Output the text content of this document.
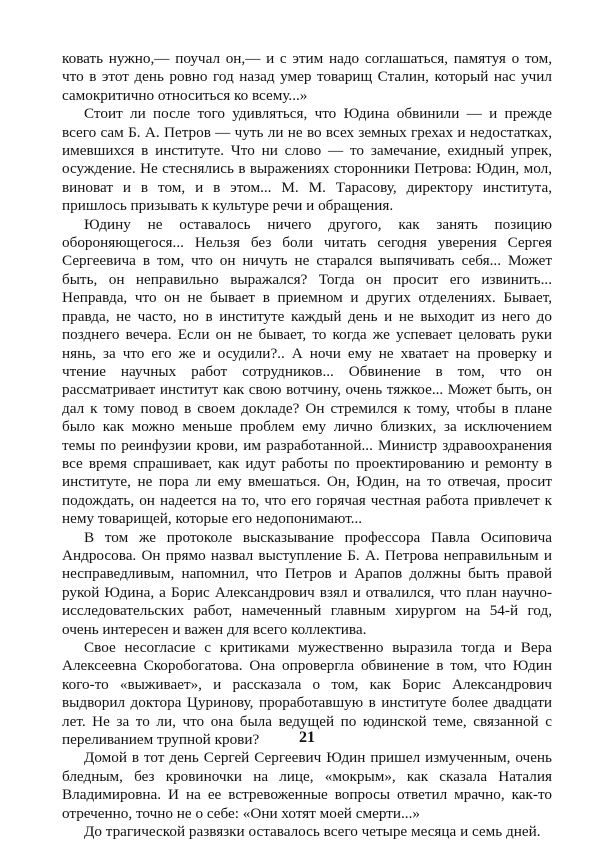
ковать нужно,— поучал он,— и с этим надо соглашаться, памятуя о том, что в этот день ровно год назад умер товарищ Сталин, который нас учил самокритично относиться ко всему...»

Стоит ли после того удивляться, что Юдина обвинили — и прежде всего сам Б. А. Петров — чуть ли не во всех земных грехах и недостатках, имевшихся в институте. Что ни слово — то замечание, ехидный упрек, осуждение. Не стеснялись в выражениях сторонники Петрова: Юдин, мол, виноват и в том, и в этом... М. М. Тарасову, директору института, пришлось призывать к культуре речи и обращения.

Юдину не оставалось ничего другого, как занять позицию обороняющегося... Нельзя без боли читать сегодня уверения Сергея Сергеевича в том, что он ничуть не старался выпячивать себя... Может быть, он неправильно выражался? Тогда он просит его извинить... Неправда, что он не бывает в приемном и других отделениях. Бывает, правда, не часто, но в институте каждый день и не выходит из него до позднего вечера. Если он не бывает, то когда же успевает целовать руки нянь, за что его же и осудили?.. А ночи ему не хватает на проверку и чтение научных работ сотрудников... Обвинение в том, что он рассматривает институт как свою вотчину, очень тяжкое... Может быть, он дал к тому повод в своем докладе? Он стремился к тому, чтобы в плане было как можно меньше проблем ему лично близких, за исключением темы по реинфузии крови, им разработанной... Министр здравоохранения все время спрашивает, как идут работы по проектированию и ремонту в институте, не пора ли ему вмешаться. Он, Юдин, на то отвечая, просит подождать, он надеется на то, что его горячая честная работа привлечет к нему товарищей, которые его недопонимают...

В том же протоколе высказывание профессора Павла Осиповича Андросова. Он прямо назвал выступление Б. А. Петрова неправильным и несправедливым, напомнил, что Петров и Арапов должны быть правой рукой Юдина, а Борис Александрович взял и отвалился, что план научно-исследовательских работ, намеченный главным хирургом на 54-й год, очень интересен и важен для всего коллектива.

Свое несогласие с критиками мужественно выразила тогда и Вера Алексеевна Скоробогатова. Она опровергла обвинение в том, что Юдин кого-то «выживает», и рассказала о том, как Борис Александрович выдворил доктора Цуринову, проработавшую в институте более двадцати лет. Не за то ли, что она была ведущей по юдинской теме, связанной с переливанием трупной крови?

Домой в тот день Сергей Сергеевич Юдин пришел измученным, очень бледным, без кровиночки на лице, «мокрым», как сказала Наталия Владимировна. И на ее встревоженные вопросы ответил мрачно, как-то отреченно, точно не о себе: «Они хотят моей смерти...»

До трагической развязки оставалось всего четыре месяца и семь дней.

21
